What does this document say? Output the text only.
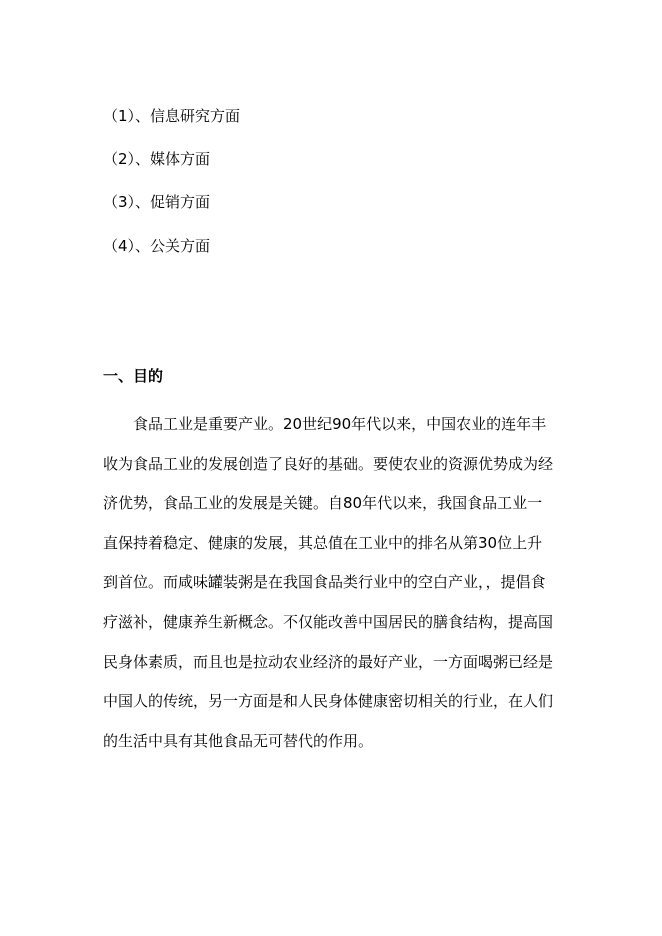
（1）、信息研究方面
（2）、媒体方面
（3）、促销方面
（4）、公关方面
一、目的
食品工业是重要产业。20世纪90年代以来，中国农业的连年丰收为食品工业的发展创造了良好的基础。要使农业的资源优势成为经济优势，食品工业的发展是关键。自80年代以来，我国食品工业一直保持着稳定、健康的发展，其总值在工业中的排名从第30位上升到首位。而咸味罐装粥是在我国食品类行业中的空白产业，，提倡食疗滋补，健康养生新概念。不仅能改善中国居民的膳食结构，提高国民身体素质，而且也是拉动农业经济的最好产业，一方面喝粥已经是中国人的传统，另一方面是和人民身体健康密切相关的行业，在人们的生活中具有其他食品无可替代的作用。
